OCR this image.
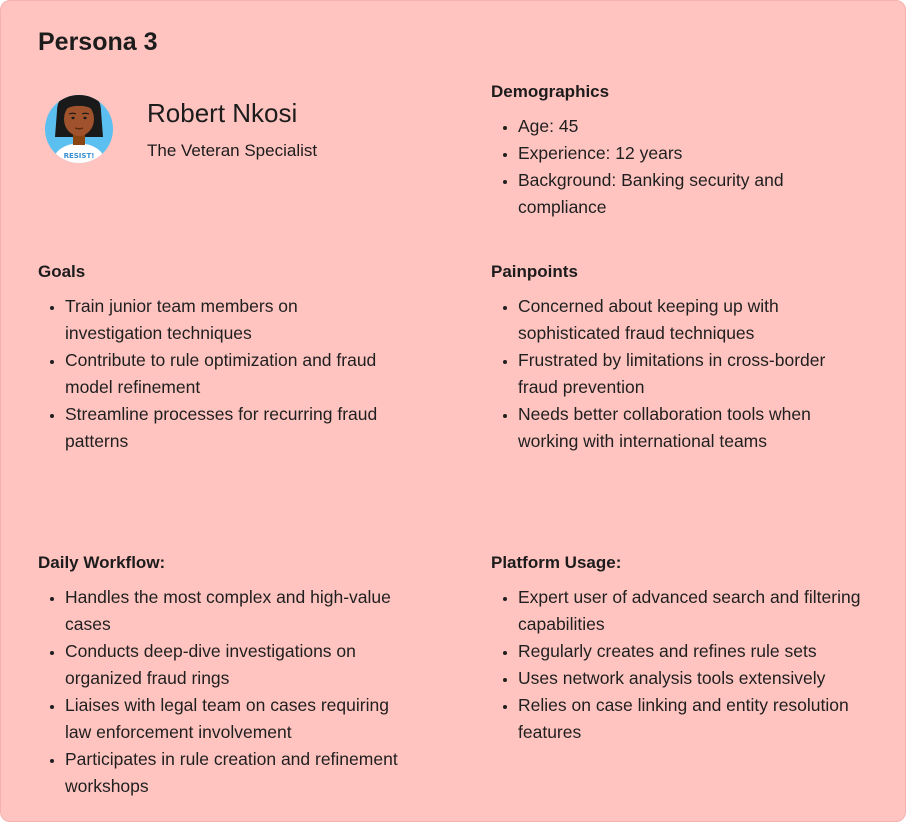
Persona 3
RESIST!
Robert Nkosi

The Veteran Specialist

Demographics
• Age: 45
• Experience: 12 years
• Background: Banking security and compliance
Goals
• Train junior team members on investigation techniques
• Contribute to rule optimization and fraud model refinement
• Streamline processes for recurring fraud patterns
Painpoints
• Concerned about keeping up with sophisticated fraud techniques
• Frustrated by limitations in cross-border fraud prevention
• Needs better collaboration tools when working with international teams
Daily Workflow:
• Handles the most complex and high-value cases
• Conducts deep-dive investigations on organized fraud rings
• Liaises with legal team on cases requiring law enforcement involvement
• Participates in rule creation and refinement workshops
Platform Usage:
• Expert user of advanced search and filtering capabilities
• Regularly creates and refines rule sets
• Uses network analysis tools extensively
• Relies on case linking and entity resolution features
